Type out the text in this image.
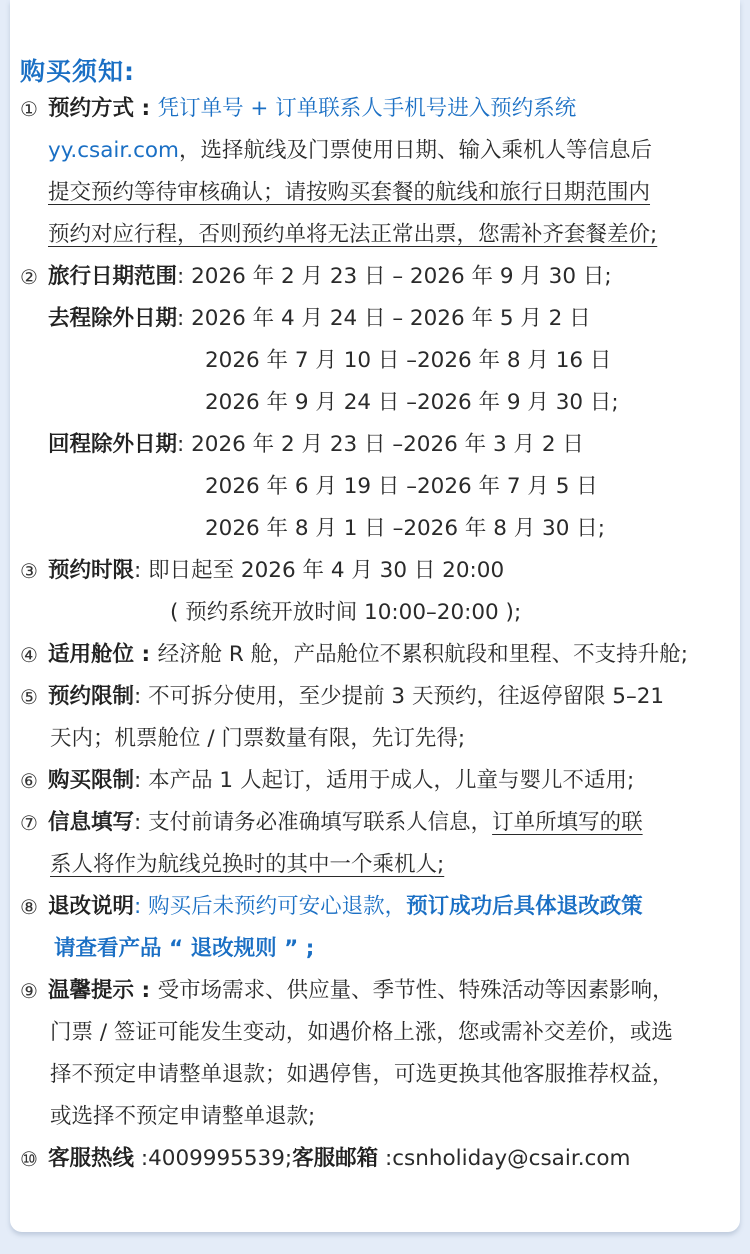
购买须知:
① 预约方式 : 凭订单号 + 订单联系人手机号进入预约系统
yy.csair.com，选择航线及门票使用日期、输入乘机人等信息后
提交预约等待审核确认；请按购买套餐的航线和旅行日期范围内
预约对应行程，否则预约单将无法正常出票，您需补齐套餐差价;
② 旅行日期范围: 2026 年 2 月 23 日 – 2026 年 9 月 30 日;
去程除外日期: 2026 年 4 月 24 日 – 2026 年 5 月 2 日
2026 年 7 月 10 日 –2026 年 8 月 16 日
2026 年 9 月 24 日 –2026 年 9 月 30 日;
回程除外日期: 2026 年 2 月 23 日 –2026 年 3 月 2 日
2026 年 6 月 19 日 –2026 年 7 月 5 日
2026 年 8 月 1 日 –2026 年 8 月 30 日;
③ 预约时限: 即日起至 2026 年 4 月 30 日 20:00
( 预约系统开放时间 10:00–20:00 );
④ 适用舱位 : 经济舱 R 舱，产品舱位不累积航段和里程、不支持升舱;
⑤ 预约限制: 不可拆分使用，至少提前 3 天预约，往返停留限 5–21
天内；机票舱位 / 门票数量有限，先订先得;
⑥ 购买限制: 本产品 1 人起订，适用于成人，儿童与婴儿不适用;
⑦ 信息填写: 支付前请务必准确填写联系人信息，订单所填写的联
系人将作为航线兑换时的其中一个乘机人;
⑧ 退改说明: 购买后未预约可安心退款，预订成功后具体退改政策
请查看产品 “ 退改规则 ” ;
⑨ 温馨提示 : 受市场需求、供应量、季节性、特殊活动等因素影响，
门票 / 签证可能发生变动，如遇价格上涨，您或需补交差价，或选
择不预定申请整单退款；如遇停售，可选更换其他客服推荐权益，
或选择不预定申请整单退款;
⑩ 客服热线 :4009995539;客服邮箱 :csnholiday@csair.com
